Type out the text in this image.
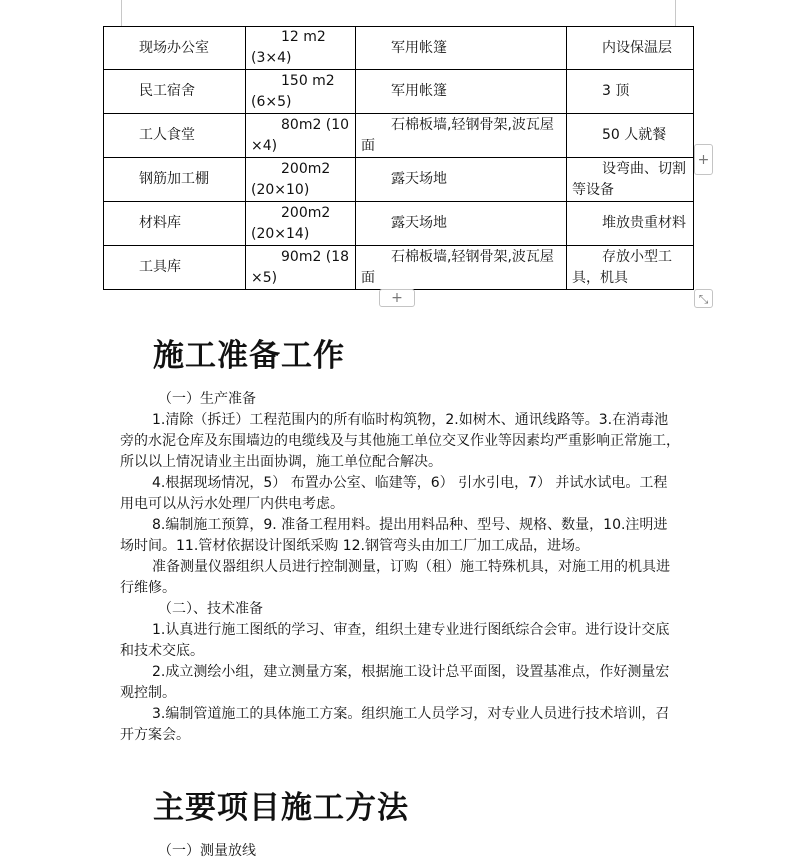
现场办公室	12 m2 (3×4)	军用帐篷	内设保温层
民工宿舍	150 m2 (6×5)	军用帐篷	3 顶
工人食堂	80m2 (10 ×4)	石棉板墙,轻钢骨架,波瓦屋面	50 人就餐
钢筋加工棚	200m2 (20×10)	露天场地	设弯曲、切割等设备
材料库	200m2 (20×14)	露天场地	堆放贵重材料
工具库	90m2 (18 ×5)	石棉板墙,轻钢骨架,波瓦屋面	存放小型工具，机具
+
+	⤡
施工准备工作

（一）生产准备

1.清除（拆迁）工程范围内的所有临时构筑物，2.如树木、通讯线路等。3.在消毒池旁的水泥仓库及东围墙边的电缆线及与其他施工单位交叉作业等因素均严重影响正常施工，所以以上情况请业主出面协调，施工单位配合解决。

4.根据现场情况，5） 布置办公室、临建等，6） 引水引电，7） 并试水试电。工程用电可以从污水处理厂内供电考虑。

8.编制施工预算，9. 准备工程用料。提出用料品种、型号、规格、数量，10.注明进场时间。11.管材依据设计图纸采购 12.钢管弯头由加工厂加工成品，进场。

准备测量仪器组织人员进行控制测量，订购（租）施工特殊机具，对施工用的机具进行维修。

（二）、技术准备

1.认真进行施工图纸的学习、审查，组织土建专业进行图纸综合会审。进行设计交底和技术交底。

2.成立测绘小组，建立测量方案，根据施工设计总平面图，设置基准点，作好测量宏观控制。

3.编制管道施工的具体施工方案。组织施工人员学习，对专业人员进行技术培训，召开方案会。

主要项目施工方法

（一）测量放线
